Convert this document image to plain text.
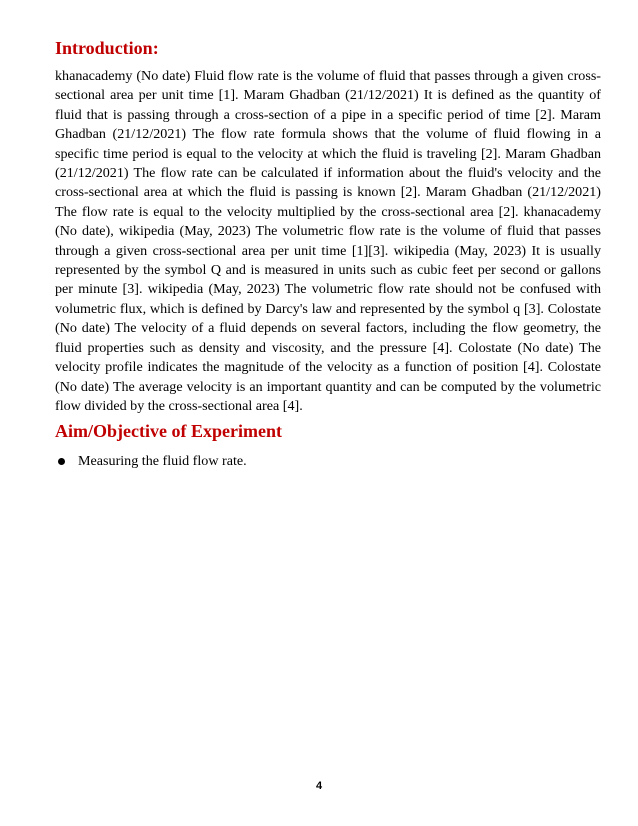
Introduction:

khanacademy (No date) Fluid flow rate is the volume of fluid that passes through a given cross-sectional area per unit time [1]. Maram Ghadban (21/12/2021) It is defined as the quantity of fluid that is passing through a cross-section of a pipe in a specific period of time [2]. Maram Ghadban (21/12/2021) The flow rate formula shows that the volume of fluid flowing in a specific time period is equal to the velocity at which the fluid is traveling [2]. Maram Ghadban (21/12/2021) The flow rate can be calculated if information about the fluid's velocity and the cross-sectional area at which the fluid is passing is known [2]. Maram Ghadban (21/12/2021) The flow rate is equal to the velocity multiplied by the cross-sectional area [2]. khanacademy (No date), wikipedia (May, 2023) The volumetric flow rate is the volume of fluid that passes through a given cross-sectional area per unit time [1][3]. wikipedia (May, 2023) It is usually represented by the symbol Q and is measured in units such as cubic feet per second or gallons per minute [3]. wikipedia (May, 2023) The volumetric flow rate should not be confused with volumetric flux, which is defined by Darcy's law and represented by the symbol q [3]. Colostate (No date) The velocity of a fluid depends on several factors, including the flow geometry, the fluid properties such as density and viscosity, and the pressure [4]. Colostate (No date) The velocity profile indicates the magnitude of the velocity as a function of position [4]. Colostate (No date) The average velocity is an important quantity and can be computed by the volumetric flow divided by the cross-sectional area [4].

Aim/Objective of Experiment
Measuring the fluid flow rate.
4
